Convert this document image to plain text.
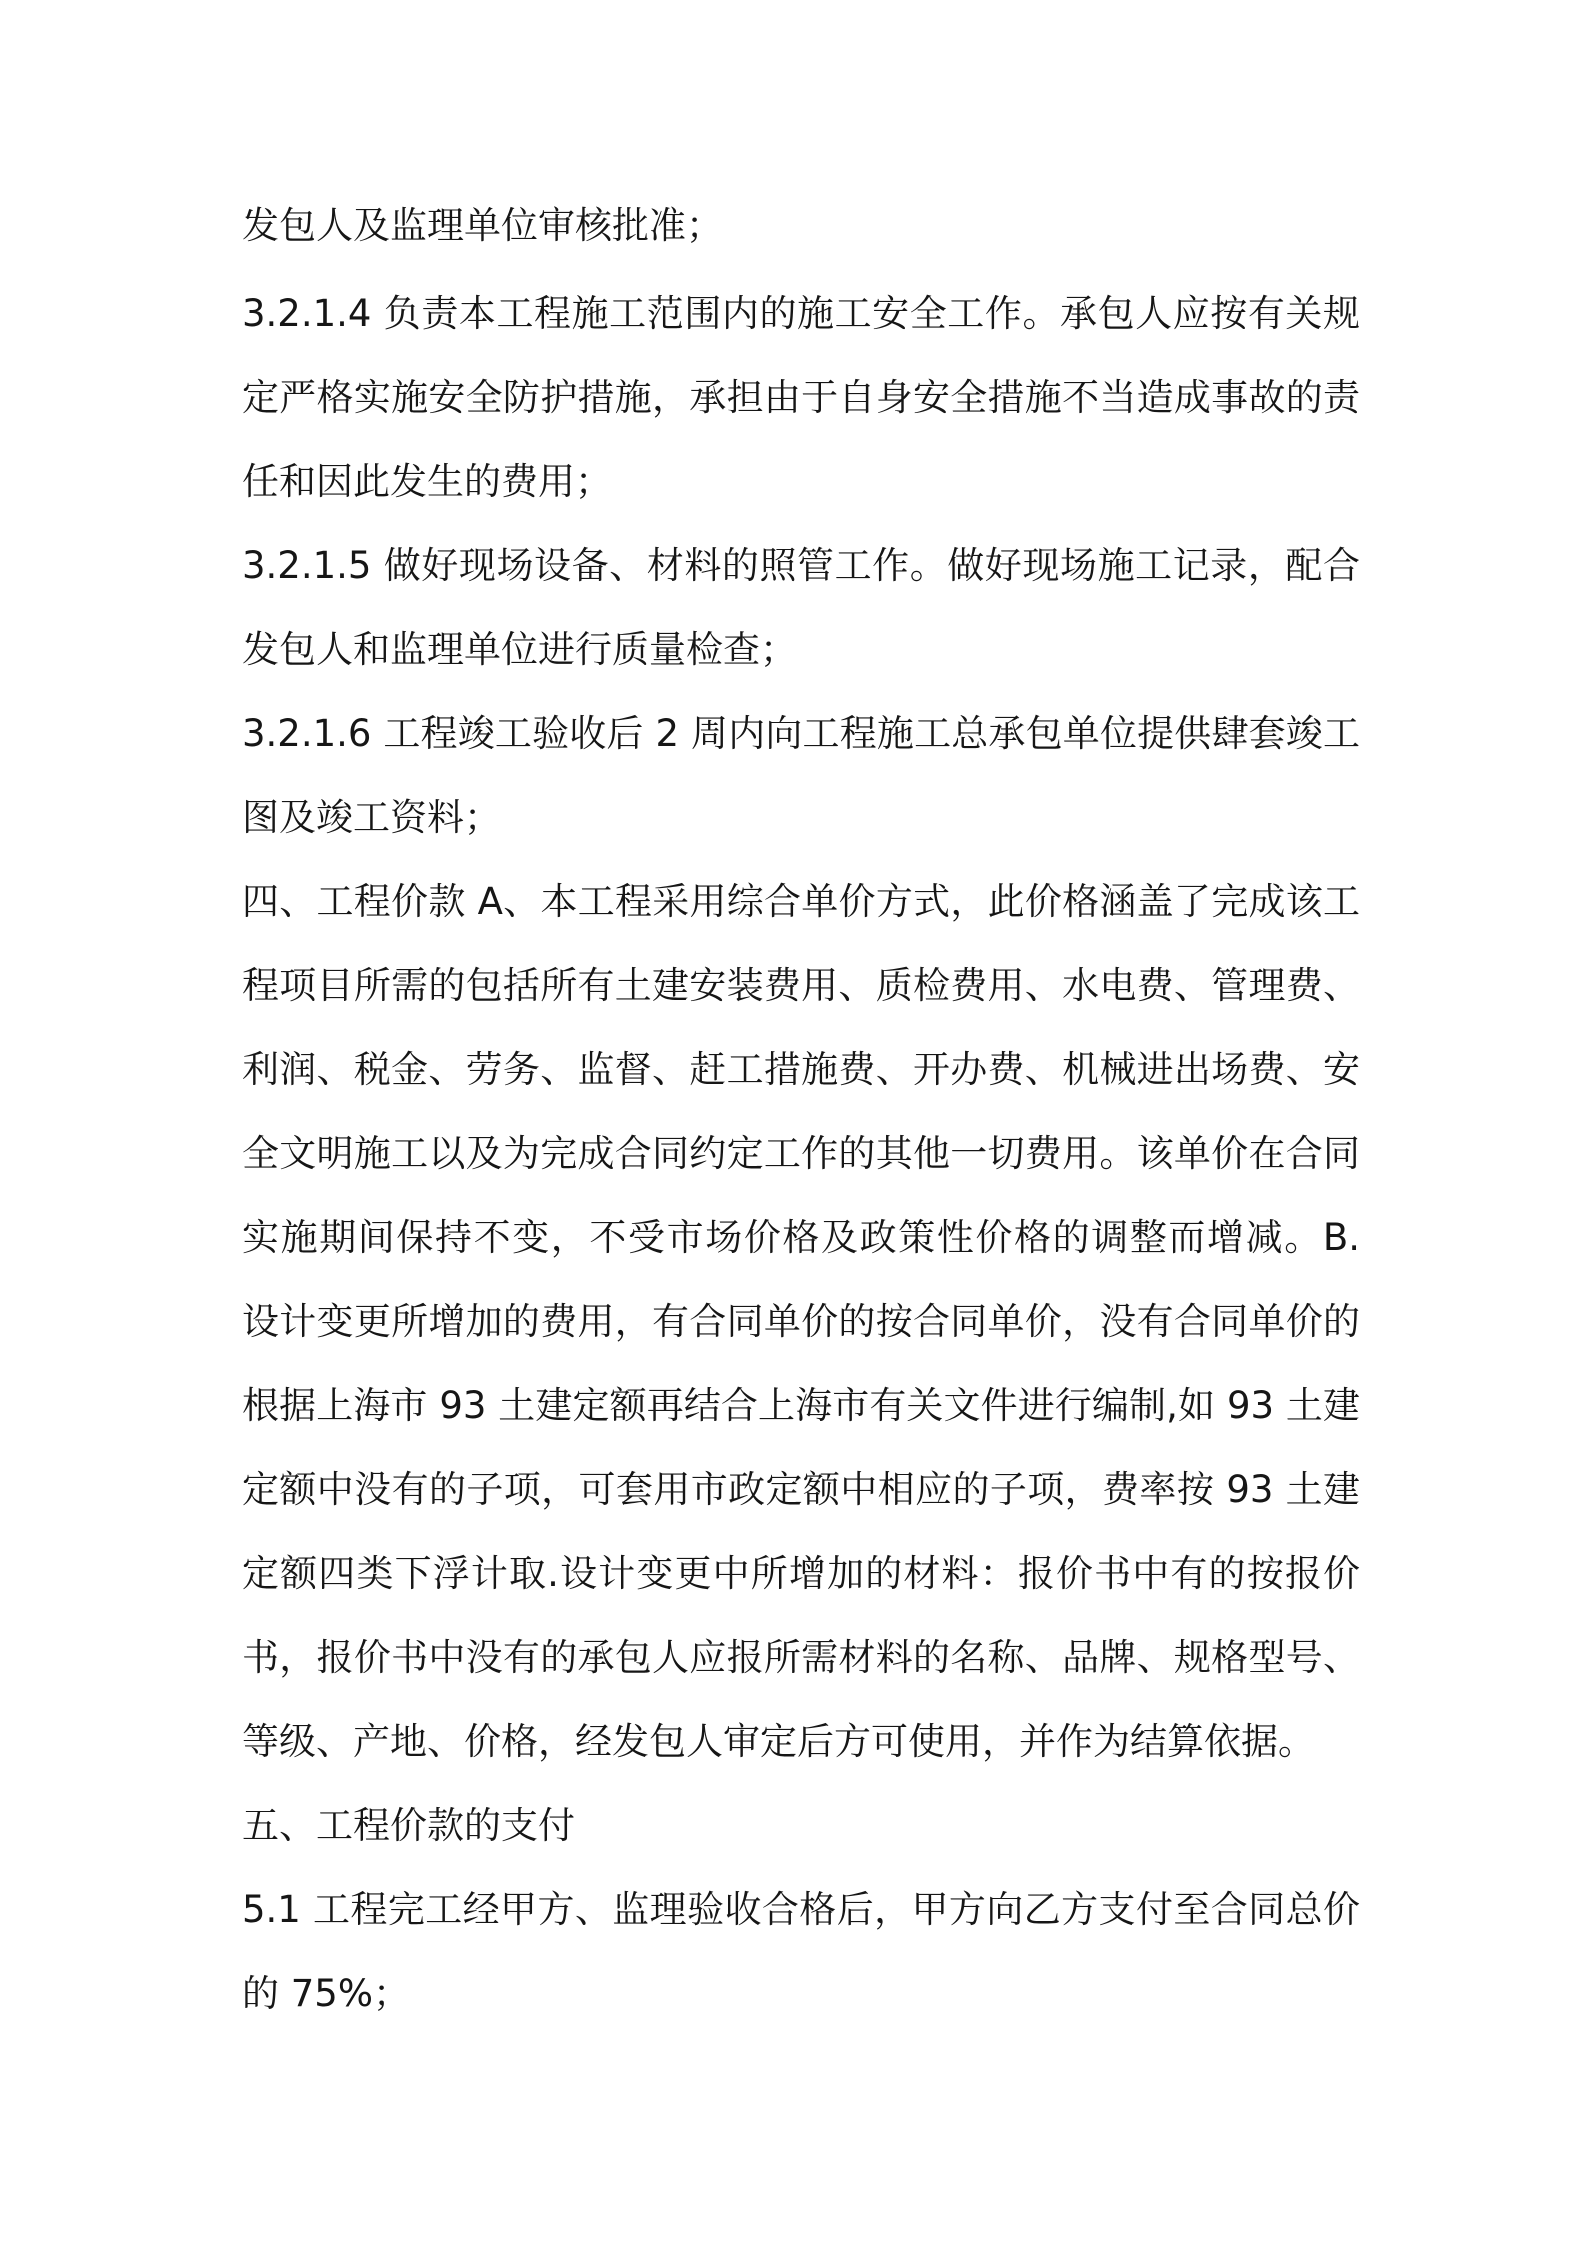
发包人及监理单位审核批准；
3.2.1.4 负责本工程施工范围内的施工安全工作。承包人应按有关规
定严格实施安全防护措施，承担由于自身安全措施不当造成事故的责
任和因此发生的费用；
3.2.1.5 做好现场设备、材料的照管工作。做好现场施工记录，配合
发包人和监理单位进行质量检查；
3.2.1.6 工程竣工验收后 2 周内向工程施工总承包单位提供肆套竣工
图及竣工资料；
四、工程价款 A、本工程采用综合单价方式，此价格涵盖了完成该工
程项目所需的包括所有土建安装费用、质检费用、水电费、管理费、
利润、税金、劳务、监督、赶工措施费、开办费、机械进出场费、安
全文明施工以及为完成合同约定工作的其他一切费用。该单价在合同
实施期间保持不变，不受市场价格及政策性价格的调整而增减。B.
设计变更所增加的费用，有合同单价的按合同单价，没有合同单价的
根据上海市 93 土建定额再结合上海市有关文件进行编制,如 93 土建
定额中没有的子项，可套用市政定额中相应的子项，费率按 93 土建
定额四类下浮计取.设计变更中所增加的材料：报价书中有的按报价
书，报价书中没有的承包人应报所需材料的名称、品牌、规格型号、
等级、产地、价格，经发包人审定后方可使用，并作为结算依据。
五、工程价款的支付
5.1 工程完工经甲方、监理验收合格后，甲方向乙方支付至合同总价
的 75%；
